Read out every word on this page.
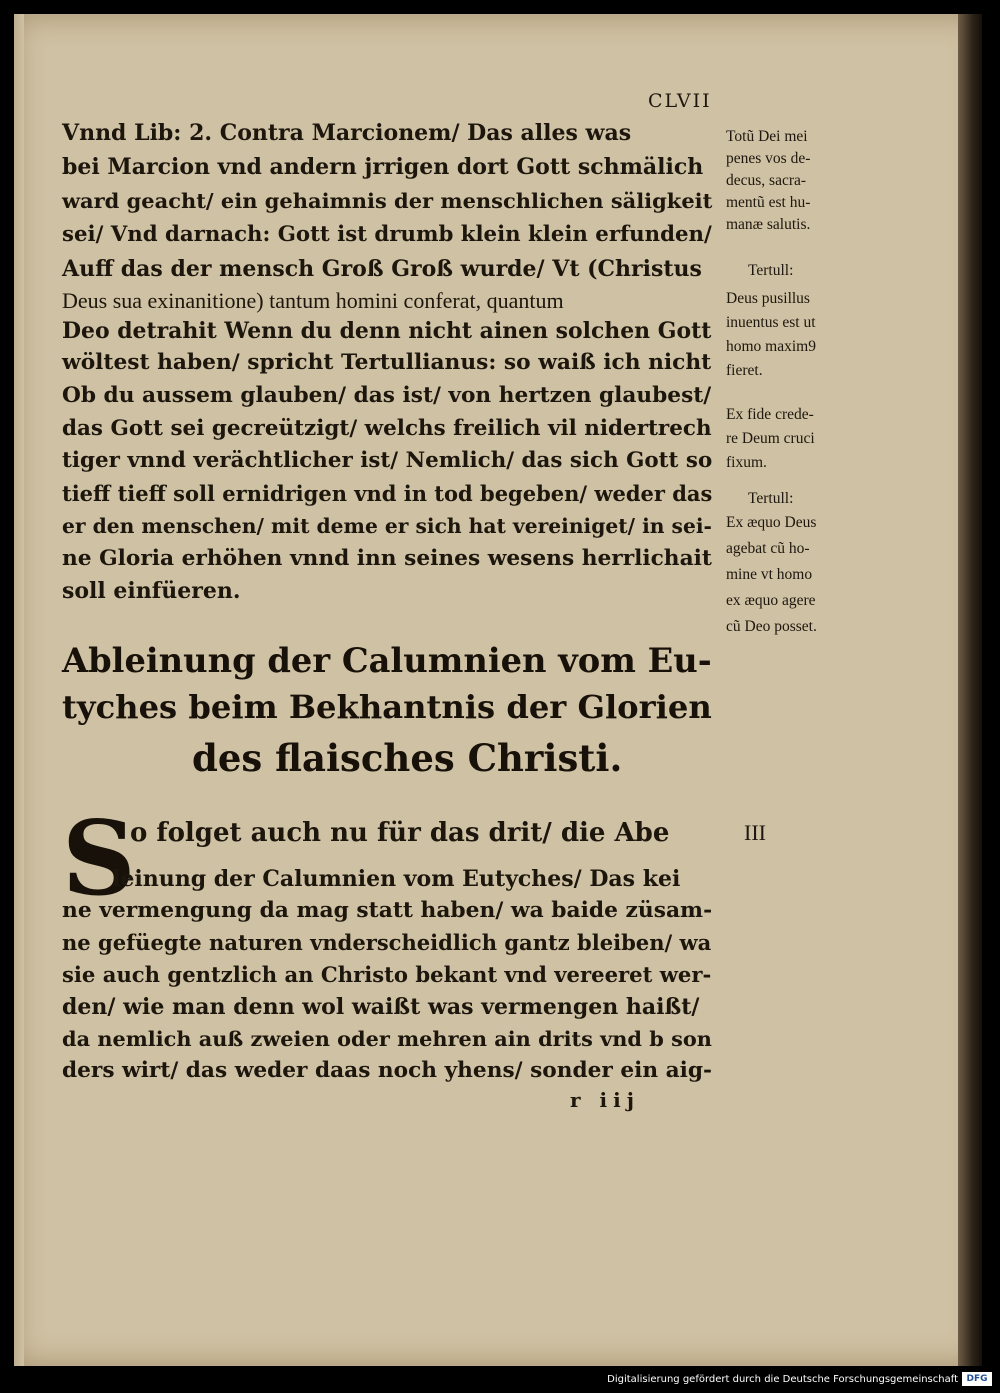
CLVII
Vnnd Lib: 2. Contra Marcionem/ Das alles was
bei Marcion vnd andern jrrigen dort Gott schmälich
ward geacht/ ein gehaimnis der menschlichen säligkeit
sei/ Vnd darnach: Gott ist drumb klein klein erfunden/
Auff das der mensch Groß Groß wurde/ Vt (Christus
Deus sua exinanitione) tantum homini conferat, quantum
Deo detrahit Wenn du denn nicht ainen solchen Gott
wöltest haben/ spricht Tertullianus: so waiß ich nicht
Ob du aussem glauben/ das ist/ von hertzen glaubest/
das Gott sei gecreützigt/ welchs freilich vil nidertrech
tiger vnnd verächtlicher ist/ Nemlich/ das sich Gott so
tieff tieff soll ernidrigen vnd in tod begeben/ weder das
er den menschen/ mit deme er sich hat vereiniget/ in sei-
ne Gloria erhöhen vnnd inn seines wesens herrlichait
soll einfüeren.
Totũ Dei mei
penes vos de-
decus, sacra-
mentũ est hu-
manæ salutis.
Tertull:
Deus pusillus
inuentus est ut
homo maxim9
fieret.
Ex fide crede-
re Deum cruci
fixum.
Tertull:
Ex æquo Deus
agebat cũ ho-
mine vt homo
ex æquo agere
cũ Deo posset.
Ableinung der Calumnien vom Eu-
tyches beim Bekhantnis der Glorien
des flaisches Christi.
III
S
o folget auch nu für das drit/ die Abe
leinung der Calumnien vom Eutyches/ Das kei
ne vermengung da mag statt haben/ wa baide züsam-
ne gefüegte naturen vnderscheidlich gantz bleiben/ wa
sie auch gentzlich an Christo bekant vnd vereeret wer-
den/ wie man denn wol waißt was vermengen haißt/
da nemlich auß zweien oder mehren ain drits vnd b son
ders wirt/ das weder daas noch yhens/ sonder ein aig-
r iij
Digitalisierung gefördert durch die Deutsche Forschungsgemeinschaft DFG
